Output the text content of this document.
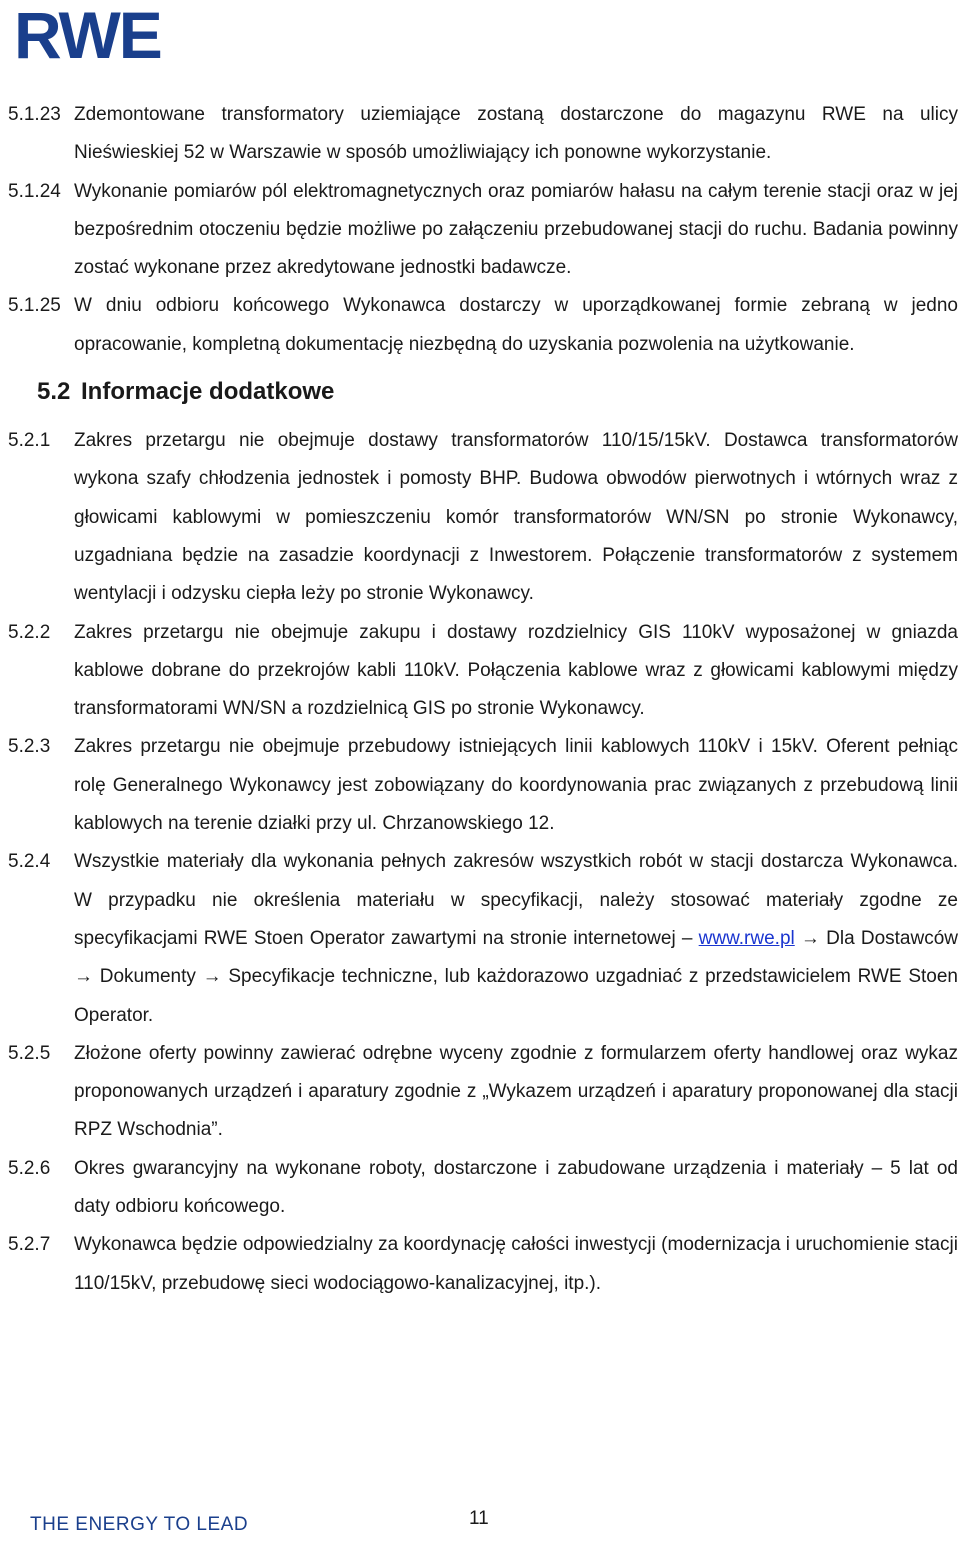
RWE
5.1.23 Zdemontowane transformatory uziemiające zostaną dostarczone do magazynu RWE na ulicy Nieświeskiej 52 w Warszawie w sposób umożliwiający ich ponowne wykorzystanie.
5.1.24 Wykonanie pomiarów pól elektromagnetycznych oraz pomiarów hałasu na całym terenie stacji oraz w jej bezpośrednim otoczeniu będzie możliwe po załączeniu przebudowanej stacji do ruchu. Badania powinny zostać wykonane przez akredytowane jednostki badawcze.
5.1.25 W dniu odbioru końcowego Wykonawca dostarczy w uporządkowanej formie zebraną w jedno opracowanie, kompletną dokumentację niezbędną do uzyskania pozwolenia na użytkowanie.
5.2 Informacje dodatkowe
5.2.1	Zakres przetargu nie obejmuje dostawy transformatorów 110/15/15kV. Dostawca transformatorów wykona szafy chłodzenia jednostek i pomosty BHP. Budowa obwodów pierwotnych i wtórnych wraz z głowicami kablowymi w pomieszczeniu komór transformatorów WN/SN po stronie Wykonawcy, uzgadniana będzie na zasadzie koordynacji z Inwestorem. Połączenie transformatorów z systemem wentylacji i odzysku ciepła leży po stronie Wykonawcy.
5.2.2	Zakres przetargu nie obejmuje zakupu i dostawy rozdzielnicy GIS 110kV wyposażonej w gniazda kablowe dobrane do przekrojów kabli 110kV. Połączenia kablowe wraz z głowicami kablowymi między transformatorami WN/SN a rozdzielnicą GIS po stronie Wykonawcy.
5.2.3	Zakres przetargu nie obejmuje przebudowy istniejących linii kablowych 110kV i 15kV. Oferent pełniąc rolę Generalnego Wykonawcy jest zobowiązany do koordynowania prac związanych z przebudową linii kablowych na terenie działki przy ul. Chrzanowskiego 12.
5.2.4	Wszystkie materiały dla wykonania pełnych zakresów wszystkich robót w stacji dostarcza Wykonawca. W przypadku nie określenia materiału w specyfikacji, należy stosować materiały zgodne ze specyfikacjami RWE Stoen Operator zawartymi na stronie internetowej – www.rwe.pl → Dla Dostawców → Dokumenty → Specyfikacje techniczne, lub każdorazowo uzgadniać z przedstawicielem RWE Stoen Operator.
5.2.5	Złożone oferty powinny zawierać odrębne wyceny zgodnie z formularzem oferty handlowej oraz wykaz proponowanych urządzeń i aparatury zgodnie z „Wykazem urządzeń i aparatury proponowanej dla stacji RPZ Wschodnia”.
5.2.6	Okres gwarancyjny na wykonane roboty, dostarczone i zabudowane urządzenia i materiały – 5 lat od daty odbioru końcowego.
5.2.7	Wykonawca będzie odpowiedzialny za koordynację całości inwestycji (modernizacja i uruchomienie stacji 110/15kV, przebudowę sieci wodociągowo-kanalizacyjnej, itp.).
THE ENERGY TO LEAD	11
